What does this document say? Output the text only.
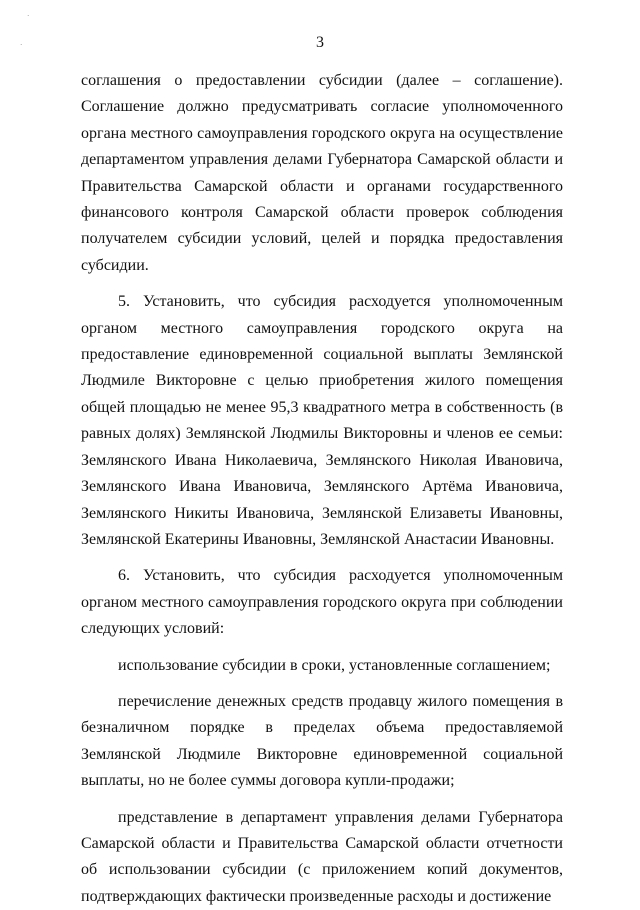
·
·	3

соглашения о предоставлении субсидии (далее – соглашение). Соглашение должно предусматривать согласие уполномоченного органа местного самоуправления городского округа на осуществление департаментом управления делами Губернатора Самарской области и Правительства Самарской области и органами государственного финансового контроля Самарской области проверок соблюдения получателем субсидии условий, целей и порядка предоставления субсидии.

5. Установить, что субсидия расходуется уполномоченным органом местного самоуправления городского округа на предоставление единовременной социальной выплаты Землянской Людмиле Викторовне с целью приобретения жилого помещения общей площадью не менее 95,3 квадратного метра в собственность (в равных долях) Землянской Людмилы Викторовны и членов ее семьи: Землянского Ивана Николаевича, Землянского Николая Ивановича, Землянского Ивана Ивановича, Землянского Артёма Ивановича, Землянского Никиты Ивановича, Землянской Елизаветы Ивановны, Землянской Екатерины Ивановны, Землянской Анастасии Ивановны.

6. Установить, что субсидия расходуется уполномоченным органом местного самоуправления городского округа при соблюдении следующих условий:

использование субсидии в сроки, установленные соглашением;

перечисление денежных средств продавцу жилого помещения в безналичном порядке в пределах объема предоставляемой Землянской Людмиле Викторовне единовременной социальной выплаты, но не более суммы договора купли-продажи;

представление в департамент управления делами Губернатора Самарской области и Правительства Самарской области отчетности об использовании субсидии (с приложением копий документов, подтверждающих фактически произведенные расходы и достижение
